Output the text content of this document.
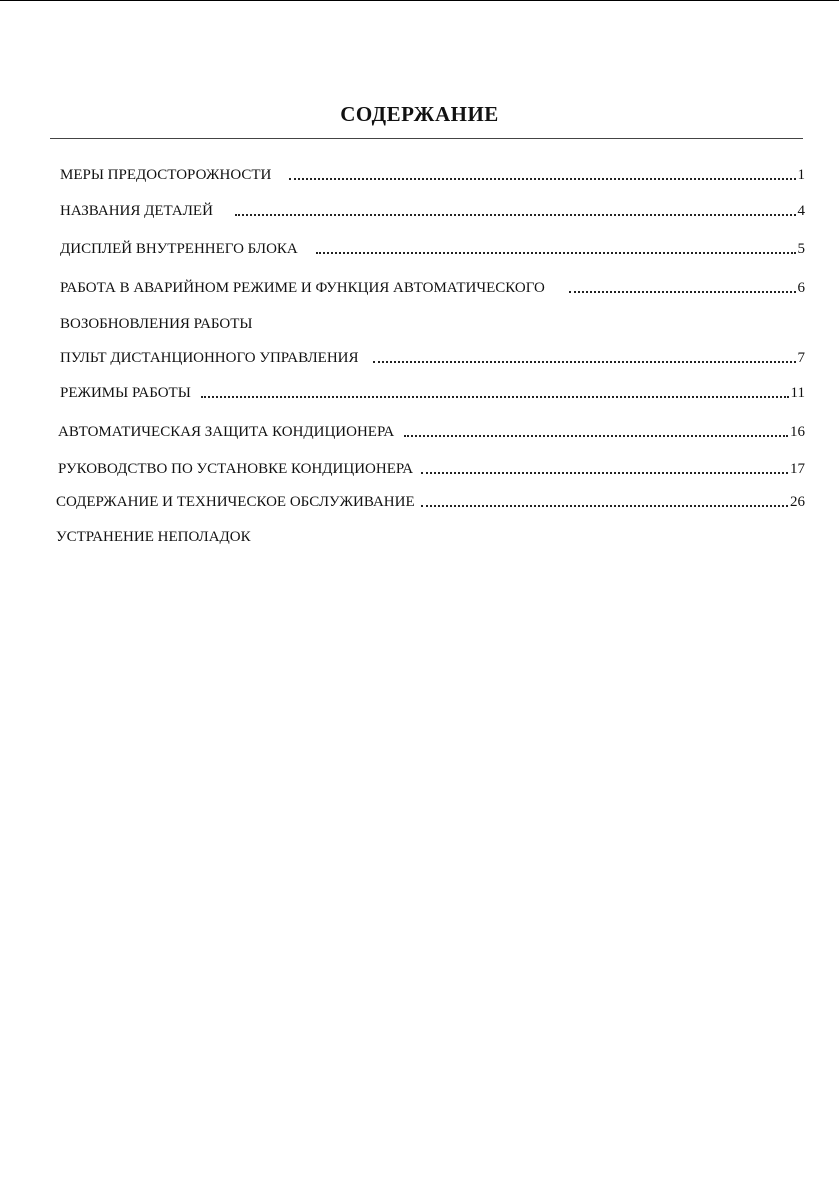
СОДЕРЖАНИЕ
МЕРЫ ПРЕДОСТОРОЖНОСТИ	1
НАЗВАНИЯ ДЕТАЛЕЙ	4
ДИСПЛЕЙ ВНУТРЕННЕГО БЛОКА	5
РАБОТА В АВАРИЙНОМ РЕЖИМЕ И ФУНКЦИЯ АВТОМАТИЧЕСКОГО	6
ВОЗОБНОВЛЕНИЯ РАБОТЫ
ПУЛЬТ ДИСТАНЦИОННОГО УПРАВЛЕНИЯ	7
РЕЖИМЫ РАБОТЫ	11
АВТОМАТИЧЕСКАЯ ЗАЩИТА КОНДИЦИОНЕРА	16
РУКОВОДСТВО ПО УСТАНОВКЕ КОНДИЦИОНЕРА	17
СОДЕРЖАНИЕ И ТЕХНИЧЕСКОЕ ОБСЛУЖИВАНИЕ	26
УСТРАНЕНИЕ НЕПОЛАДОК
